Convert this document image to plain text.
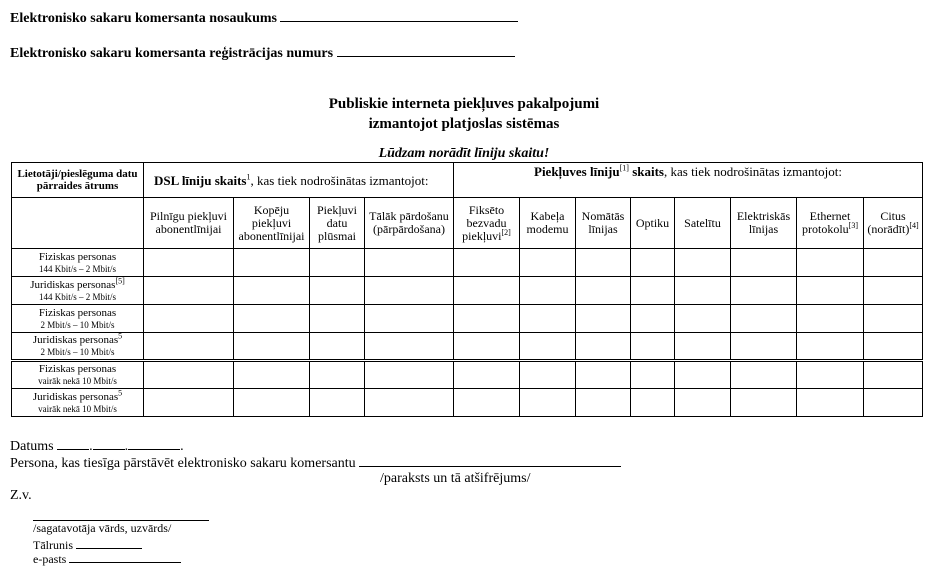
Elektronisko sakaru komersanta nosaukums
Elektronisko sakaru komersanta reģistrācijas numurs
Publiskie interneta piekļuves pakalpojumi
izmantojot platjoslas sistēmas
Lūdzam norādīt līniju skaitu!
Lietotāji/pieslēguma datu pārraides ātrums	DSL līniju skaits$^1$, kas tiek nodrošinātas izmantojot:				Piekļuves līniju[1] skaits, kas tiek nodrošinātas izmantojot:							
	Pilnīgu piekļuvi abonentlīnijai	Kopēju piekļuvi abonentlīnijai	Piekļuvi datu plūsmai	Tālāk pārdošanu (pārpārdošana)	Fiksēto bezvadu piekļuvi[2]	Kabeļa modemu	Nomātās līnijas	Optiku	Satelītu	Elektriskās līnijas	Ethernet protokolu[3]	Citus (norādīt)[4]
Fiziskas personas
144 Kbit/s – 2 Mbit/s												
Juridiskas personas[5]
144 Kbit/s – 2 Mbit/s												
Fiziskas personas
2 Mbit/s – 10 Mbit/s												
Juridiskas personas$^5$
2 Mbit/s – 10 Mbit/s												
Fiziskas personas
vairāk nekā 10 Mbit/s												
Juridiskas personas$^5$
vairāk nekā 10 Mbit/s												
Datums	. .	.
Persona, kas tiesīga pārstāvēt elektronisko sakaru komersantu
/paraksts un tā atšifrējums/
Z.v.
/sagatavotāja vārds, uzvārds/
Tālrunis
e-pasts
